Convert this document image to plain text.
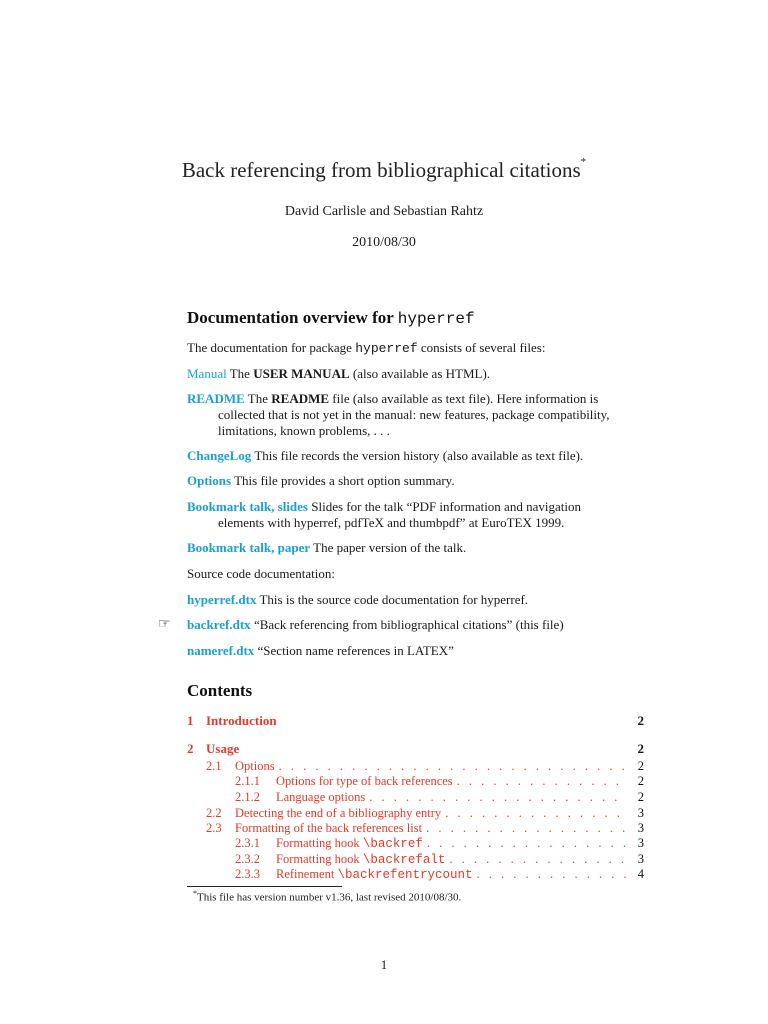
Back referencing from bibliographical citations*
David Carlisle and Sebastian Rahtz
2010/08/30
Documentation overview for hyperref
The documentation for package hyperref consists of several files:
Manual The USER MANUAL (also available as HTML).
README The README file (also available as text file). Here information is
collected that is not yet in the manual: new features, package compatibility, limitations, known problems, . . .
ChangeLog This file records the version history (also available as text file).
Options This file provides a short option summary.
Bookmark talk, slides Slides for the talk “PDF information and navigation
elements with hyperref, pdfTeX and thumbpdf” at EuroTEX 1999.
Bookmark talk, paper The paper version of the talk.
Source code documentation:
hyperref.dtx This is the source code documentation for hyperref.
☞ backref.dtx “Back referencing from bibliographical citations” (this file)
nameref.dtx “Section name references in LATEX”
Contents
1 Introduction	2
2 Usage	2
2.1	Options . . .	2
2.1.1	Options for type of back references . . .	2
2.1.2	Language options . . .	2
2.2	Detecting the end of a bibliography entry . . .	3
2.3	Formatting of the back references list . . .	3
2.3.1	Formatting hook \backref . . .	3
2.3.2	Formatting hook \backrefalt . . .	3
2.3.3	Refinement \backrefentrycount . . .	4
*This file has version number v1.36, last revised 2010/08/30.
1
